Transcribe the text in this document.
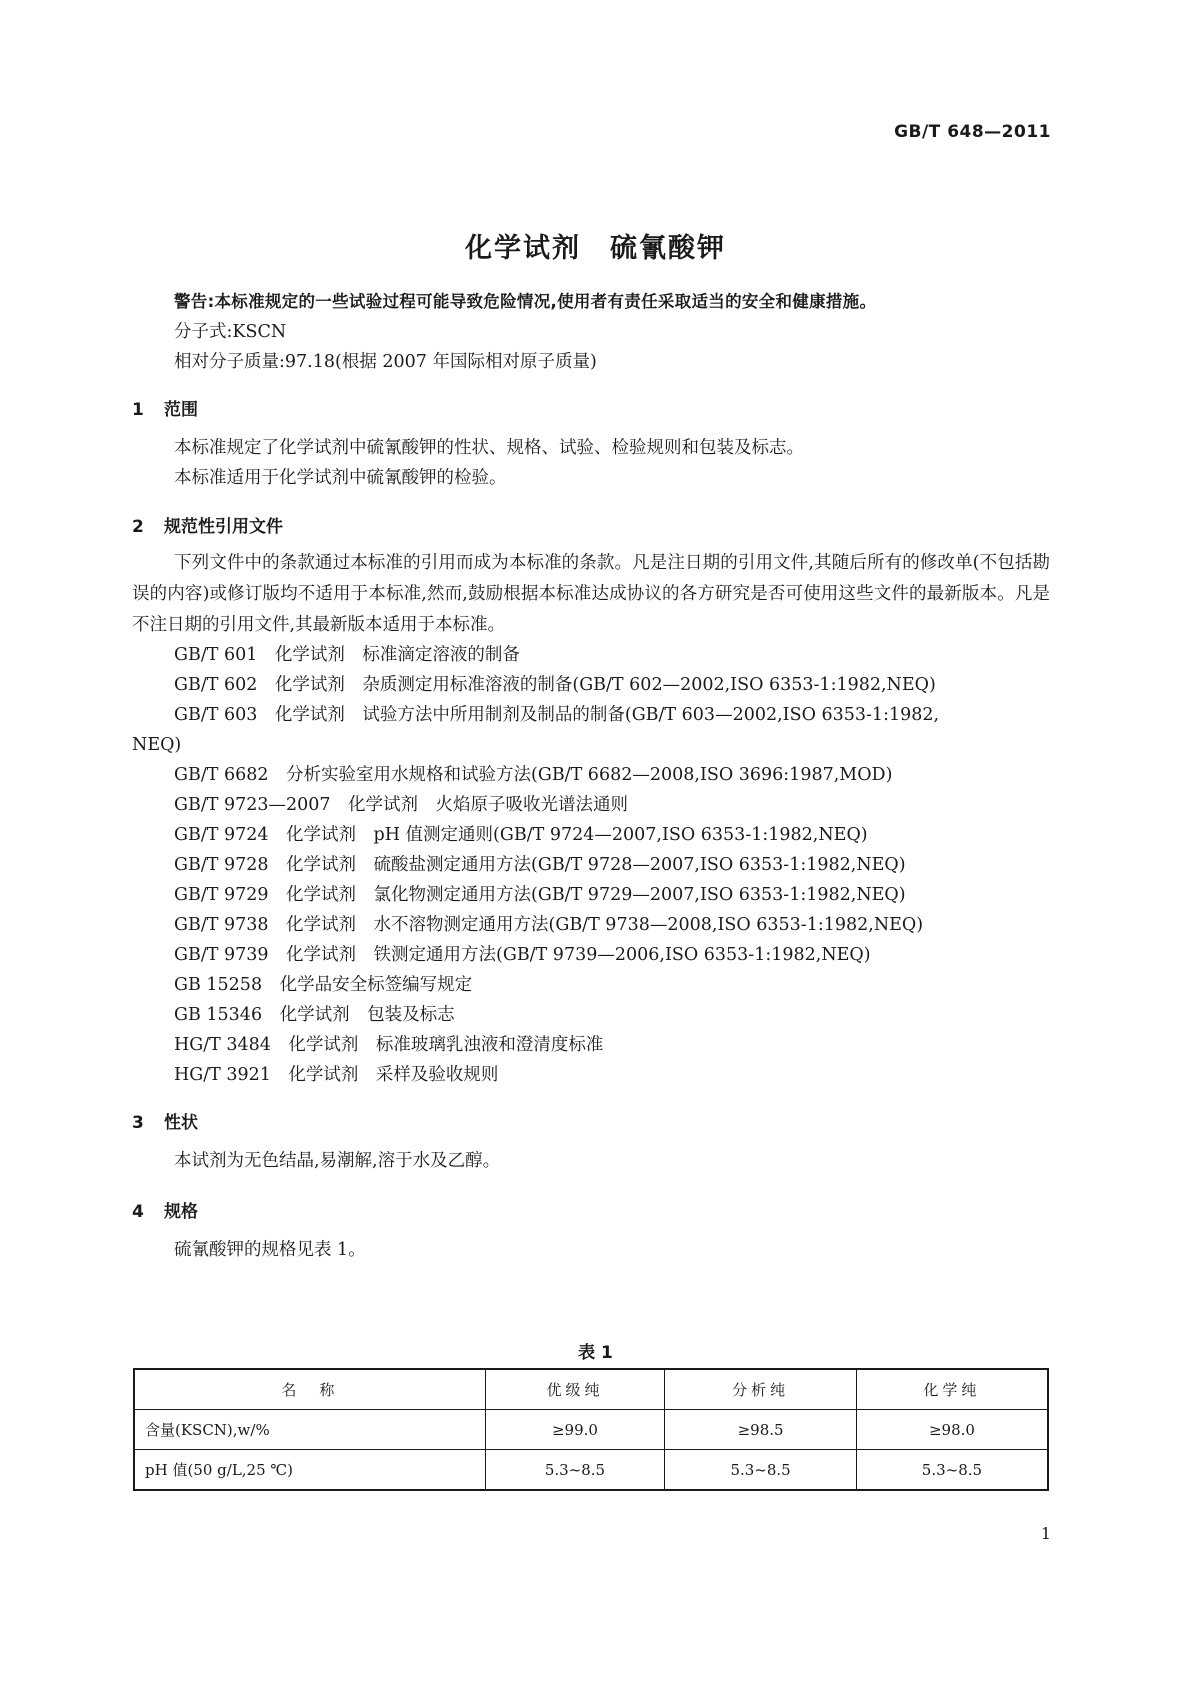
GB/T 648—2011
化学试剂　硫氰酸钾
警告:本标准规定的一些试验过程可能导致危险情况,使用者有责任采取适当的安全和健康措施。
分子式:KSCN
相对分子质量:97.18(根据 2007 年国际相对原子质量)
1 范围
本标准规定了化学试剂中硫氰酸钾的性状、规格、试验、检验规则和包装及标志。
本标准适用于化学试剂中硫氰酸钾的检验。
2 规范性引用文件
下列文件中的条款通过本标准的引用而成为本标准的条款。凡是注日期的引用文件,其随后所有的修改单(不包括勘误的内容)或修订版均不适用于本标准,然而,鼓励根据本标准达成协议的各方研究是否可使用这些文件的最新版本。凡是不注日期的引用文件,其最新版本适用于本标准。
GB/T 601　化学试剂　标准滴定溶液的制备
GB/T 602　化学试剂　杂质测定用标准溶液的制备(GB/T 602—2002,ISO 6353-1:1982,NEQ)
GB/T 603　化学试剂　试验方法中所用制剂及制品的制备(GB/T 603—2002,ISO 6353-1:1982,
NEQ)
GB/T 6682　分析实验室用水规格和试验方法(GB/T 6682—2008,ISO 3696:1987,MOD)
GB/T 9723—2007　化学试剂　火焰原子吸收光谱法通则
GB/T 9724　化学试剂　pH 值测定通则(GB/T 9724—2007,ISO 6353-1:1982,NEQ)
GB/T 9728　化学试剂　硫酸盐测定通用方法(GB/T 9728—2007,ISO 6353-1:1982,NEQ)
GB/T 9729　化学试剂　氯化物测定通用方法(GB/T 9729—2007,ISO 6353-1:1982,NEQ)
GB/T 9738　化学试剂　水不溶物测定通用方法(GB/T 9738—2008,ISO 6353-1:1982,NEQ)
GB/T 9739　化学试剂　铁测定通用方法(GB/T 9739—2006,ISO 6353-1:1982,NEQ)
GB 15258　化学品安全标签编写规定
GB 15346　化学试剂　包装及标志
HG/T 3484　化学试剂　标准玻璃乳浊液和澄清度标准
HG/T 3921　化学试剂　采样及验收规则
3 性状
本试剂为无色结晶,易潮解,溶于水及乙醇。
4 规格
硫氰酸钾的规格见表 1。
表 1
名　称	优级纯	分析纯	化学纯
含量(KSCN),w/%	≥99.0	≥98.5	≥98.0
pH 值(50 g/L,25 ℃)	5.3~8.5	5.3~8.5	5.3~8.5
1
